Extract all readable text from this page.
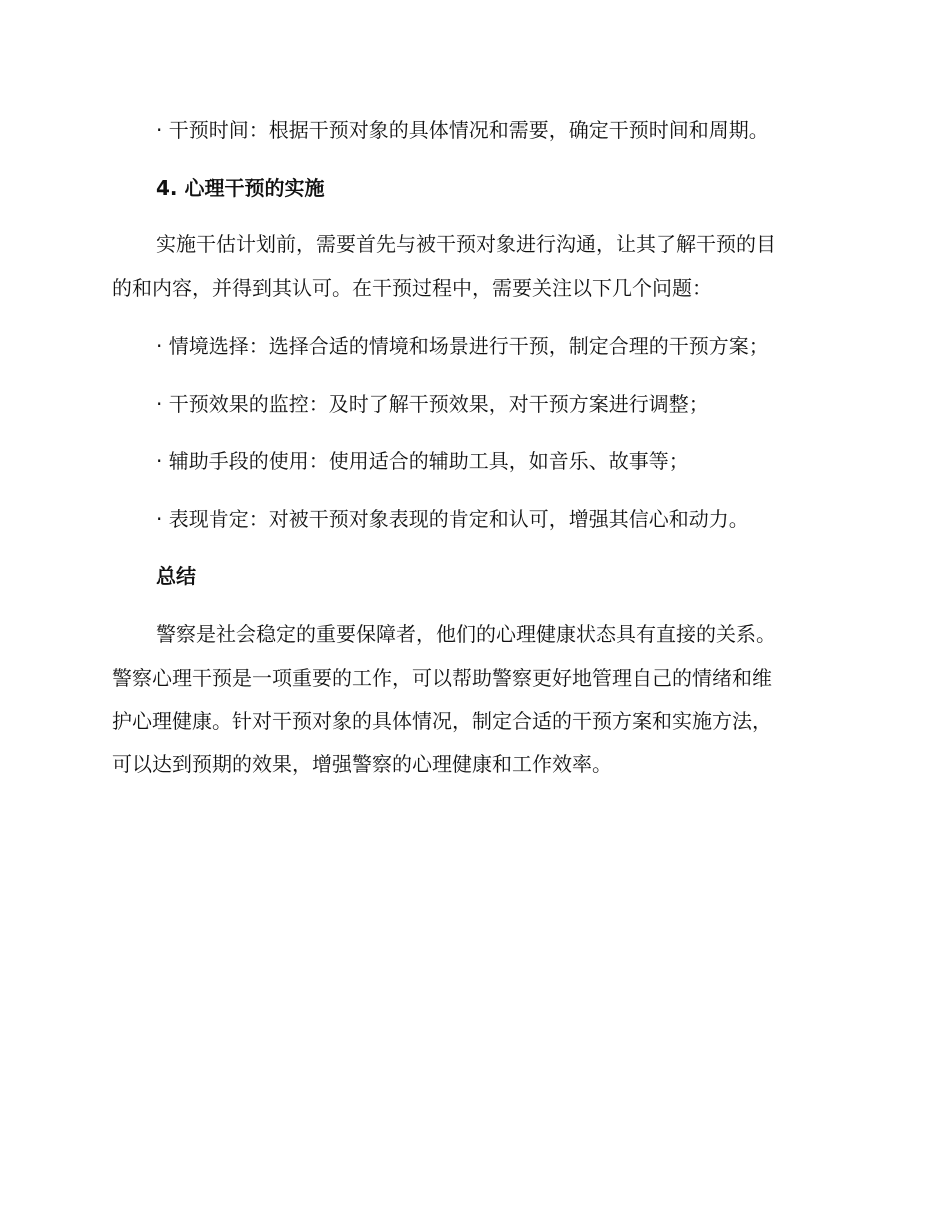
· 干预时间：根据干预对象的具体情况和需要，确定干预时间和周期。
4. 心理干预的实施
实施干估计划前，需要首先与被干预对象进行沟通，让其了解干预的目
的和内容，并得到其认可。在干预过程中，需要关注以下几个问题：
· 情境选择：选择合适的情境和场景进行干预，制定合理的干预方案；
· 干预效果的监控：及时了解干预效果，对干预方案进行调整；
· 辅助手段的使用：使用适合的辅助工具，如音乐、故事等；
· 表现肯定：对被干预对象表现的肯定和认可，增强其信心和动力。
总结
警察是社会稳定的重要保障者，他们的心理健康状态具有直接的关系。
警察心理干预是一项重要的工作，可以帮助警察更好地管理自己的情绪和维
护心理健康。针对干预对象的具体情况，制定合适的干预方案和实施方法，
可以达到预期的效果，增强警察的心理健康和工作效率。
